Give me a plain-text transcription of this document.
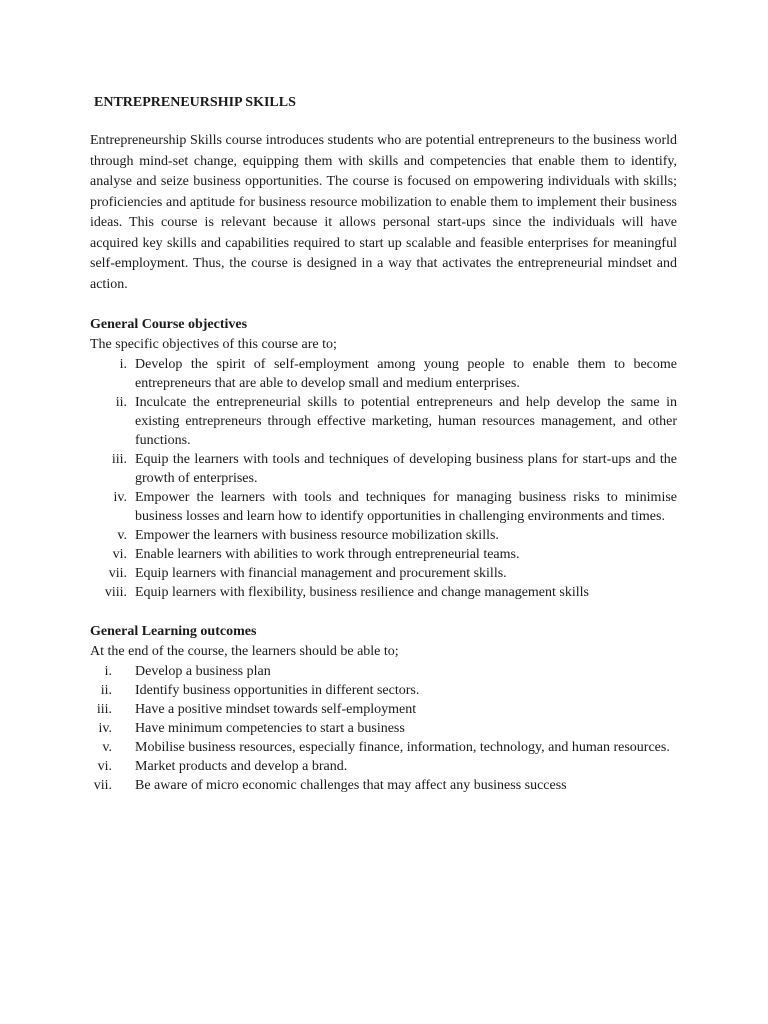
ENTREPRENEURSHIP SKILLS

Entrepreneurship Skills course introduces students who are potential entrepreneurs to the business world through mind-set change, equipping them with skills and competencies that enable them to identify, analyse and seize business opportunities. The course is focused on empowering individuals with skills; proficiencies and aptitude for business resource mobilization to enable them to implement their business ideas. This course is relevant because it allows personal start-ups since the individuals will have acquired key skills and capabilities required to start up scalable and feasible enterprises for meaningful self-employment. Thus, the course is designed in a way that activates the entrepreneurial mindset and action.

General Course objectives

The specific objectives of this course are to;

i. Develop the spirit of self-employment among young people to enable them to become entrepreneurs that are able to develop small and medium enterprises.
ii. Inculcate the entrepreneurial skills to potential entrepreneurs and help develop the same in existing entrepreneurs through effective marketing, human resources management, and other functions.
iii. Equip the learners with tools and techniques of developing business plans for start-ups and the growth of enterprises.
iv. Empower the learners with tools and techniques for managing business risks to minimise business losses and learn how to identify opportunities in challenging environments and times.
v. Empower the learners with business resource mobilization skills.
vi. Enable learners with abilities to work through entrepreneurial teams.
vii. Equip learners with financial management and procurement skills.
viii. Equip learners with flexibility, business resilience and change management skills

General Learning outcomes

At the end of the course, the learners should be able to;

i. Develop a business plan
ii. Identify business opportunities in different sectors.
iii. Have a positive mindset towards self-employment
iv. Have minimum competencies to start a business
v. Mobilise business resources, especially finance, information, technology, and human resources.
vi. Market products and develop a brand.
vii. Be aware of micro economic challenges that may affect any business success
